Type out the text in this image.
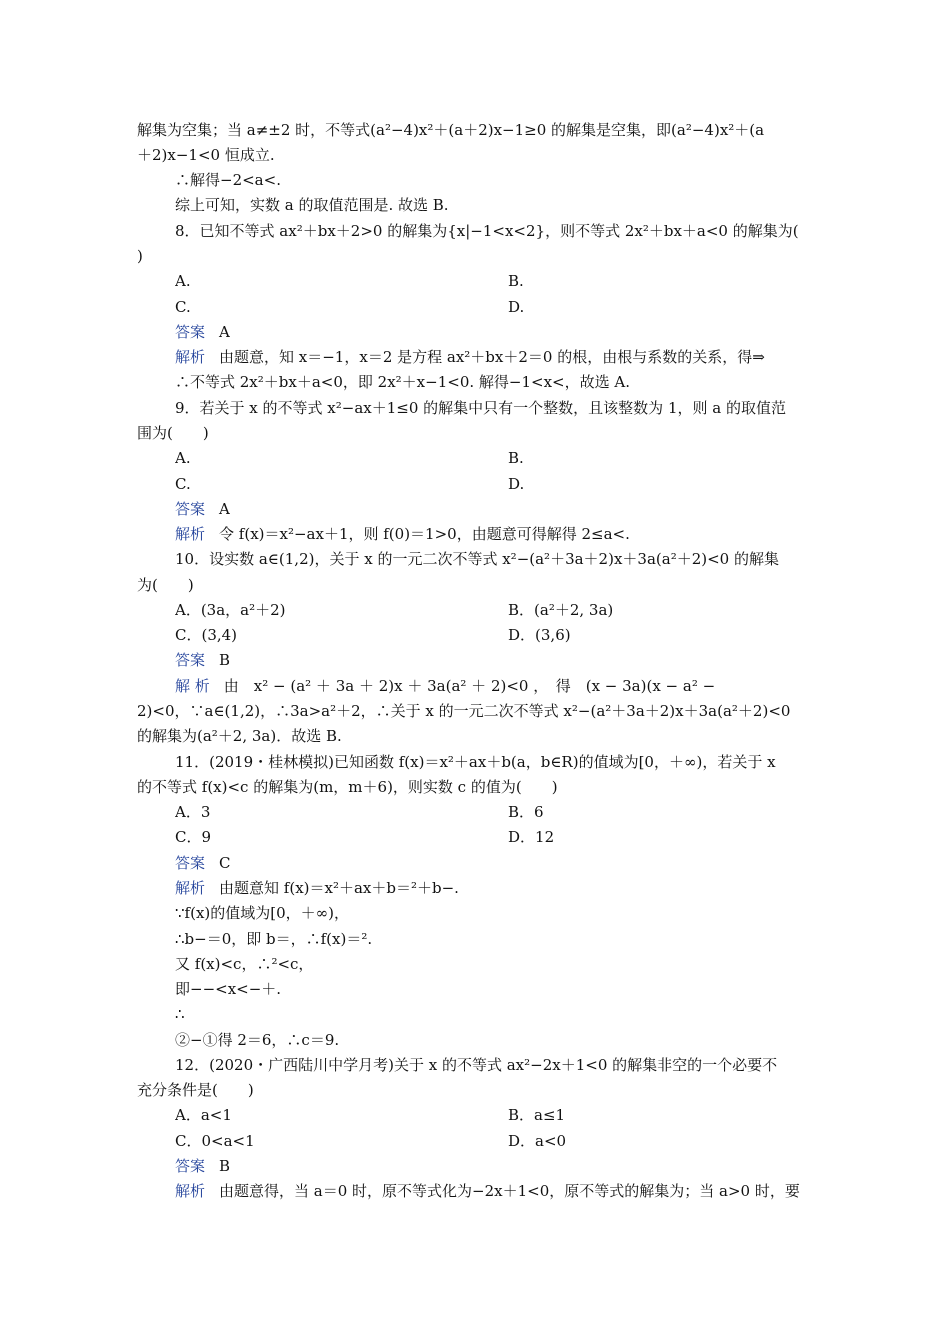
解集为空集；当 a≠±2 时，不等式(a²−4)x²＋(a＋2)x−1≥0 的解集是空集，即(a²−4)x²＋(a
＋2)x−1<0 恒成立.
∴解得−2<a<.
综上可知，实数 a 的取值范围是. 故选 B.
8．已知不等式 ax²＋bx＋2>0 的解集为{x|−1<x<2}，则不等式 2x²＋bx＋a<0 的解集为(
)
A.	B.
C.	D.
答案 A
解析 由题意，知 x＝−1，x＝2 是方程 ax²＋bx＋2＝0 的根，由根与系数的关系，得⇒
∴不等式 2x²＋bx＋a<0，即 2x²＋x−1<0. 解得−1<x<，故选 A.
9．若关于 x 的不等式 x²−ax＋1≤0 的解集中只有一个整数，且该整数为 1，则 a 的取值范
围为(　　)
A.	B.
C.	D.
答案 A
解析 令 f(x)＝x²−ax＋1，则 f(0)＝1>0，由题意可得解得 2≤a<.
10．设实数 a∈(1,2)，关于 x 的一元二次不等式 x²−(a²＋3a＋2)x＋3a(a²＋2)<0 的解集
为(　　)
A．(3a，a²＋2)	B．(a²＋2, 3a)
C．(3,4)	D．(3,6)
答案 B
解 析 由　x² − (a² ＋ 3a ＋ 2)x ＋ 3a(a² ＋ 2)<0 ，　得　(x − 3a)(x − a² −
2)<0，∵a∈(1,2)，∴3a>a²＋2，∴关于 x 的一元二次不等式 x²−(a²＋3a＋2)x＋3a(a²＋2)<0
的解集为(a²＋2, 3a)．故选 B.
11．(2019・桂林模拟)已知函数 f(x)＝x²＋ax＋b(a，b∈R)的值域为[0，＋∞)，若关于 x
的不等式 f(x)<c 的解集为(m，m＋6)，则实数 c 的值为(　　)
A．3	B．6
C．9	D．12
答案 C
解析 由题意知 f(x)＝x²＋ax＋b＝²＋b−.
∵f(x)的值域为[0，＋∞)，
∴b−＝0，即 b＝，∴f(x)＝².
又 f(x)<c，∴²<c，
即−−<x<−＋.
∴
②−①得 2＝6，∴c＝9.
12．(2020・广西陆川中学月考)关于 x 的不等式 ax²−2x＋1<0 的解集非空的一个必要不
充分条件是(　　)
A．a<1	B．a≤1
C．0<a<1	D．a<0
答案 B
解析 由题意得，当 a＝0 时，原不等式化为−2x＋1<0，原不等式的解集为；当 a>0 时，要
